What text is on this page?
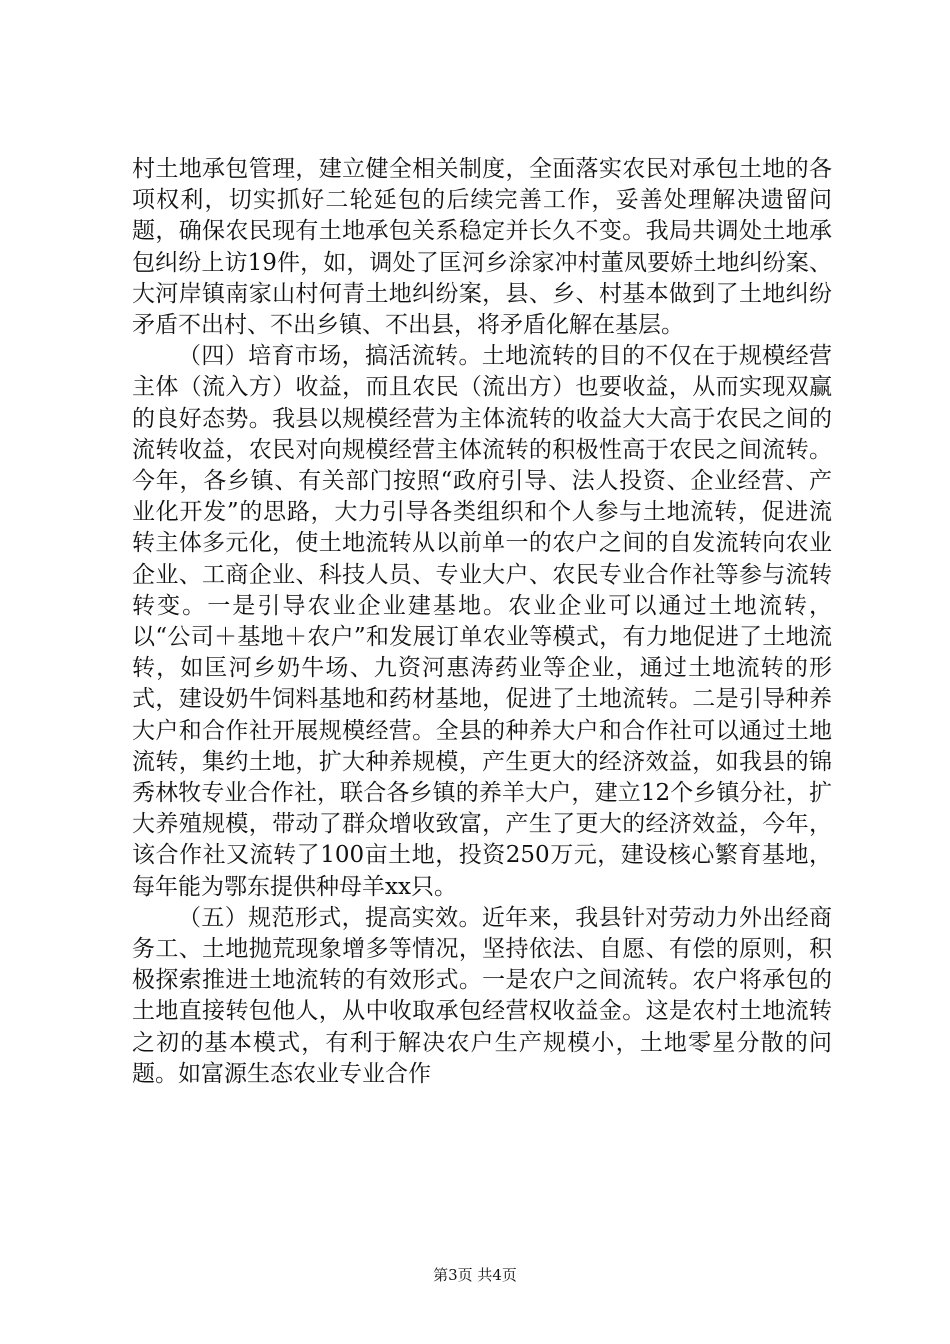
村土地承包管理，建立健全相关制度，全面落实农民对承包土地的各项权利，切实抓好二轮延包的后续完善工作，妥善处理解决遗留问题，确保农民现有土地承包关系稳定并长久不变。我局共调处土地承包纠纷上访19件，如，调处了匡河乡涂家冲村董凤要娇土地纠纷案、大河岸镇南家山村何青土地纠纷案，县、乡、村基本做到了土地纠纷矛盾不出村、不出乡镇、不出县，将矛盾化解在基层。

（四）培育市场，搞活流转。土地流转的目的不仅在于规模经营主体（流入方）收益，而且农民（流出方）也要收益，从而实现双赢的良好态势。我县以规模经营为主体流转的收益大大高于农民之间的流转收益，农民对向规模经营主体流转的积极性高于农民之间流转。今年，各乡镇、有关部门按照“政府引导、法人投资、企业经营、产业化开发”的思路，大力引导各类组织和个人参与土地流转，促进流转主体多元化，使土地流转从以前单一的农户之间的自发流转向农业企业、工商企业、科技人员、专业大户、农民专业合作社等参与流转转变。一是引导农业企业建基地。农业企业可以通过土地流转，以“公司＋基地＋农户”和发展订单农业等模式，有力地促进了土地流转，如匡河乡奶牛场、九资河惠涛药业等企业，通过土地流转的形式，建设奶牛饲料基地和药材基地，促进了土地流转。二是引导种养大户和合作社开展规模经营。全县的种养大户和合作社可以通过土地流转，集约土地，扩大种养规模，产生更大的经济效益，如我县的锦秀林牧专业合作社，联合各乡镇的养羊大户，建立12个乡镇分社，扩大养殖规模，带动了群众增收致富，产生了更大的经济效益，今年，该合作社又流转了100亩土地，投资250万元，建设核心繁育基地，每年能为鄂东提供种母羊xx只。

（五）规范形式，提高实效。近年来，我县针对劳动力外出经商务工、土地抛荒现象增多等情况，坚持依法、自愿、有偿的原则，积极探索推进土地流转的有效形式。一是农户之间流转。农户将承包的土地直接转包他人，从中收取承包经营权收益金。这是农村土地流转之初的基本模式，有利于解决农户生产规模小，土地零星分散的问题。如富源生态农业专业合作

第3页 共4页
